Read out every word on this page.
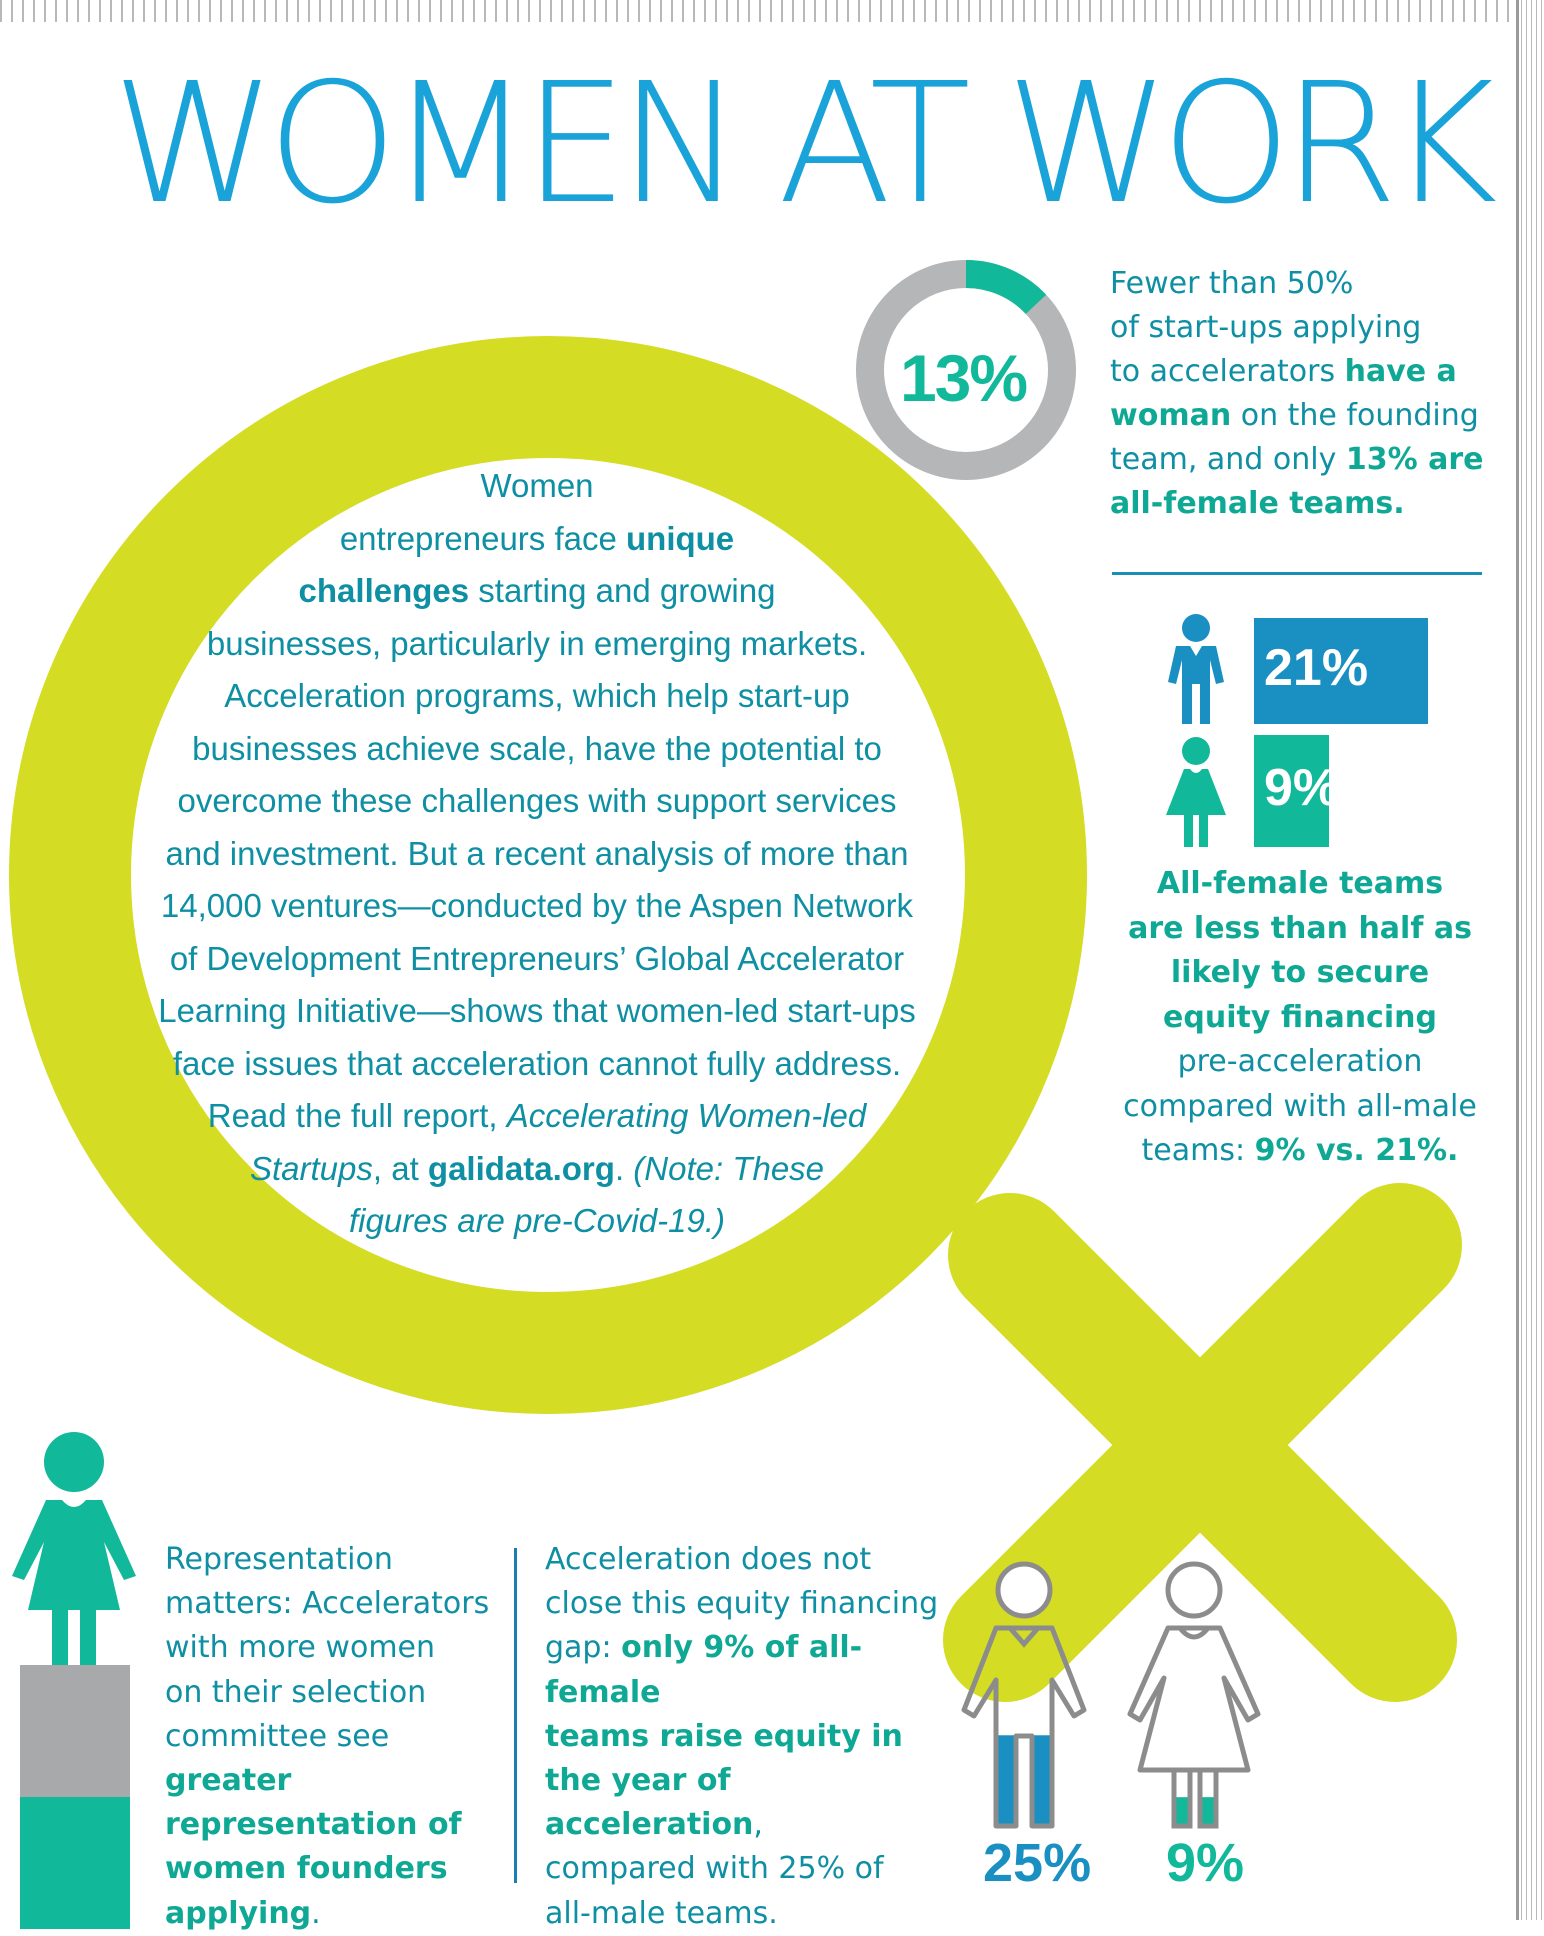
WOMEN AT WORK
13%
Fewer than 50%
of start-ups applying
to accelerators have a
woman on the founding
team, and only 13% are
all-female teams.
Women
entrepreneurs face unique
challenges starting and growing
businesses, particularly in emerging markets.
Acceleration programs, which help start-up
businesses achieve scale, have the potential to
overcome these challenges with support services
and investment. But a recent analysis of more than
14,000 ventures—conducted by the Aspen Network
of Development Entrepreneurs’ Global Accelerator
Learning Initiative—shows that women-led start-ups
face issues that acceleration cannot fully address.
Read the full report, Accelerating Women-led
Startups, at galidata.org. (Note: These
figures are pre-Covid-19.)
21%
9%
All-female teams
are less than half as
likely to secure
equity financing
pre-acceleration
compared with all-male
teams: 9% vs. 21%.
Representation
matters: Accelerators
with more women
on their selection
committee see greater
representation of
women founders
applying.
Acceleration does not
close this equity financing
gap: only 9% of all-female
teams raise equity in
the year of acceleration,
compared with 25% of
all-male teams.
25% 9%
